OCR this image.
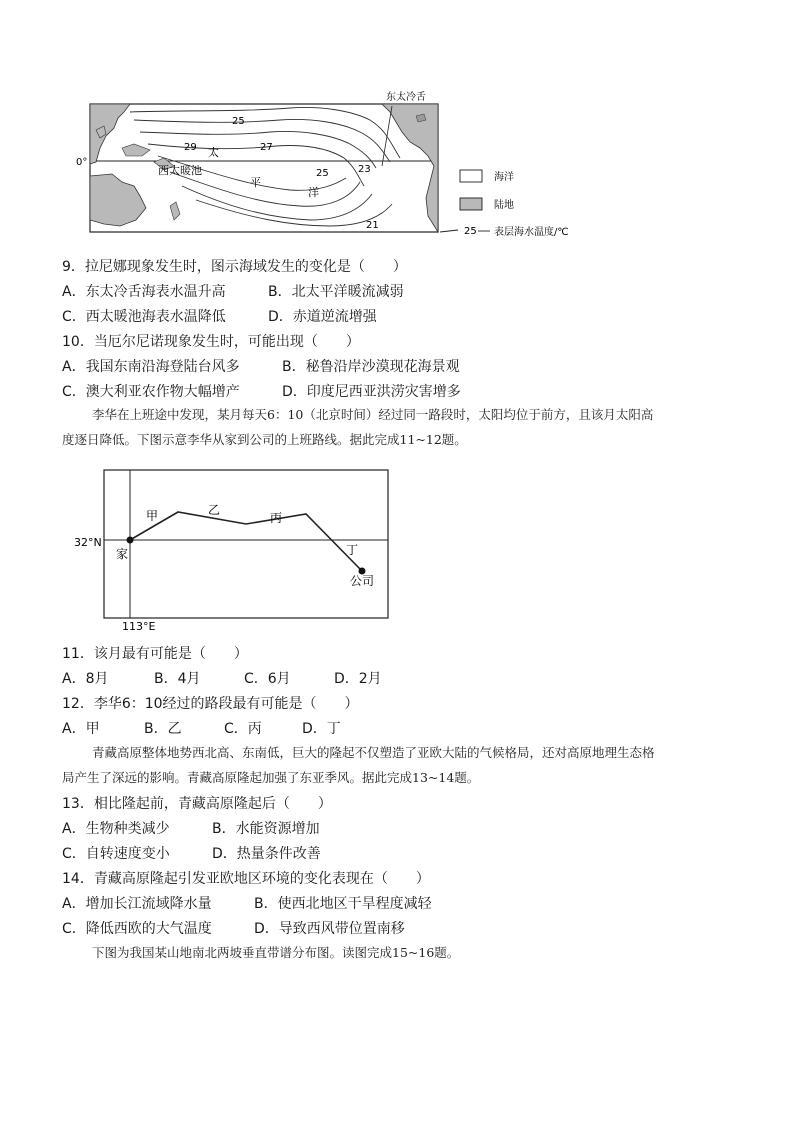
东太冷舌
0°
西太暖池
太
平
洋
25
27
29
25	23
21
海洋
陆地
25 表层海水温度/℃
9．拉尼娜现象发生时，图示海域发生的变化是（　　）
A．东太冷舌海表水温升高	B．北太平洋暖流减弱
C．西太暖池海表水温降低	D．赤道逆流增强
10．当厄尔尼诺现象发生时，可能出现（　　）
A．我国东南沿海登陆台风多	B．秘鲁沿岸沙漠现花海景观
C．澳大利亚农作物大幅增产	D．印度尼西亚洪涝灾害增多
李华在上班途中发现，某月每天6：10（北京时间）经过同一路段时，太阳均位于前方，且该月太阳高
度逐日降低。下图示意李华从家到公司的上班路线。据此完成11~12题。
32°N
113°E
家
公司
甲	乙
丙
丁
11．该月最有可能是（　　）
A．8月	B．4月	C．6月	D．2月
12．李华6：10经过的路段最有可能是（　　）
A．甲	B．乙	C．丙	D．丁
青藏高原整体地势西北高、东南低，巨大的隆起不仅塑造了亚欧大陆的气候格局，还对高原地理生态格
局产生了深远的影响。青藏高原隆起加强了东亚季风。据此完成13~14题。
13．相比隆起前，青藏高原隆起后（　　）
A．生物种类减少	B．水能资源增加
C．自转速度变小	D．热量条件改善
14．青藏高原隆起引发亚欧地区环境的变化表现在（　　）
A．增加长江流域降水量	B．使西北地区干旱程度减轻
C．降低西欧的大气温度	D．导致西风带位置南移
下图为我国某山地南北两坡垂直带谱分布图。读图完成15~16题。
